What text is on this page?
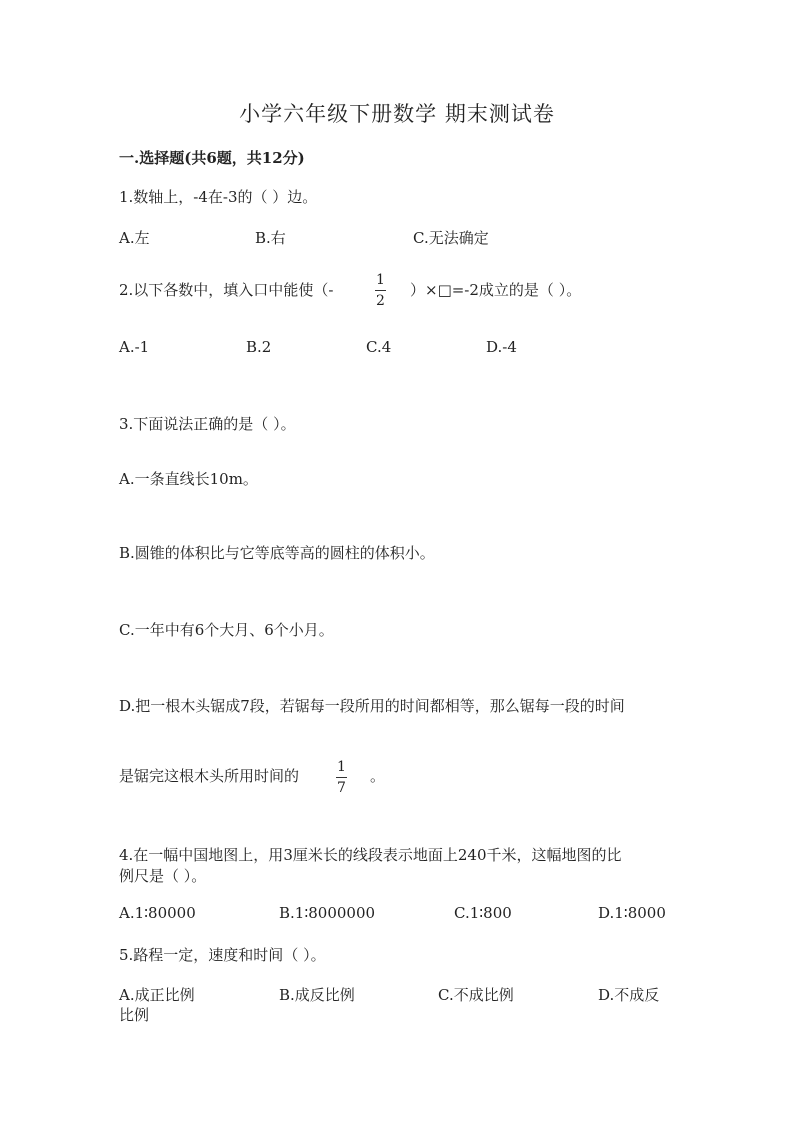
小学六年级下册数学 期末测试卷
一.选择题(共6题，共12分)
1.数轴上，-4在-3的（ ）边。
A.左	B.右	C.无法确定
2.以下各数中，填入口中能使（-
1
2
）×□=-2成立的是（ ）。
A.-1	B.2	C.4	D.-4
3.下面说法正确的是（ ）。
A.一条直线长10m。
B.圆锥的体积比与它等底等高的圆柱的体积小。
C.一年中有6个大月、6个小月。
D.把一根木头锯成7段，若锯每一段所用的时间都相等，那么锯每一段的时间
是锯完这根木头所用时间的	1
7
。
4.在一幅中国地图上，用3厘米长的线段表示地面上240千米，这幅地图的比
例尺是（ ）。
A.1∶80000	B.1∶8000000	C.1∶800	D.1∶8000
5.路程一定，速度和时间（ ）。
A.成正比例	B.成反比例	C.不成比例	D.不成反
比例
